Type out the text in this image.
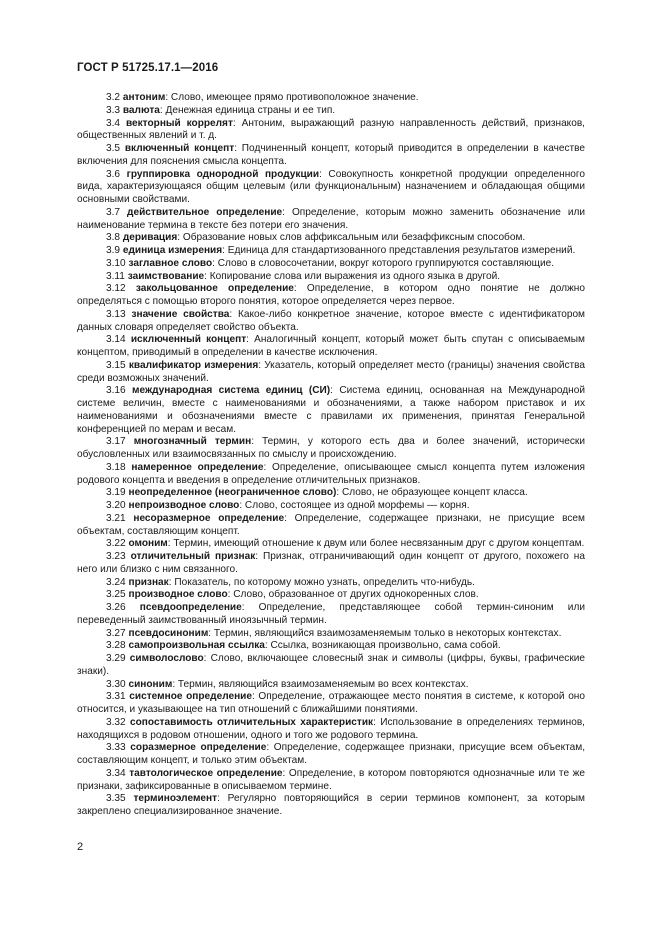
ГОСТ Р 51725.17.1—2016

3.2 антоним: Слово, имеющее прямо противоположное значение.

3.3 валюта: Денежная единица страны и ее тип.

3.4 векторный коррелят: Антоним, выражающий разную направленность действий, признаков, общественных явлений и т. д.

3.5 включенный концепт: Подчиненный концепт, который приводится в определении в качестве включения для пояснения смысла концепта.

3.6 группировка однородной продукции: Совокупность конкретной продукции определенного вида, характеризующаяся общим целевым (или функциональным) назначением и обладающая общими основными свойствами.

3.7 действительное определение: Определение, которым можно заменить обозначение или наименование термина в тексте без потери его значения.

3.8 деривация: Образование новых слов аффиксальным или безаффиксным способом.

3.9 единица измерения: Единица для стандартизованного представления результатов измерений.

3.10 заглавное слово: Слово в словосочетании, вокруг которого группируются составляющие.

3.11 заимствование: Копирование слова или выражения из одного языка в другой.

3.12 закольцованное определение: Определение, в котором одно понятие не должно определяться с помощью второго понятия, которое определяется через первое.

3.13 значение свойства: Какое-либо конкретное значение, которое вместе с идентификатором данных словаря определяет свойство объекта.

3.14 исключенный концепт: Аналогичный концепт, который может быть спутан с описываемым концептом, приводимый в определении в качестве исключения.

3.15 квалификатор измерения: Указатель, который определяет место (границы) значения свойства среди возможных значений.

3.16 международная система единиц (СИ): Система единиц, основанная на Международной системе величин, вместе с наименованиями и обозначениями, а также набором приставок и их наименованиями и обозначениями вместе с правилами их применения, принятая Генеральной конференцией по мерам и весам.

3.17 многозначный термин: Термин, у которого есть два и более значений, исторически обусловленных или взаимосвязанных по смыслу и происхождению.

3.18 намеренное определение: Определение, описывающее смысл концепта путем изложения родового концепта и введения в определение отличительных признаков.

3.19 неопределенное (неограниченное слово): Слово, не образующее концепт класса.

3.20 непроизводное слово: Слово, состоящее из одной морфемы — корня.

3.21 несоразмерное определение: Определение, содержащее признаки, не присущие всем объектам, составляющим концепт.

3.22 омоним: Термин, имеющий отношение к двум или более несвязанным друг с другом концептам.

3.23 отличительный признак: Признак, отграничивающий один концепт от другого, похожего на него или близко с ним связанного.

3.24 признак: Показатель, по которому можно узнать, определить что-нибудь.

3.25 производное слово: Слово, образованное от других однокоренных слов.

3.26 псевдоопределение: Определение, представляющее собой термин-синоним или переведенный заимствованный иноязычный термин.

3.27 псевдосиноним: Термин, являющийся взаимозаменяемым только в некоторых контекстах.

3.28 самопроизвольная ссылка: Ссылка, возникающая произвольно, сама собой.

3.29 символослово: Слово, включающее словесный знак и символы (цифры, буквы, графические знаки).

3.30 синоним: Термин, являющийся взаимозаменяемым во всех контекстах.

3.31 системное определение: Определение, отражающее место понятия в системе, к которой оно относится, и указывающее на тип отношений с ближайшими понятиями.

3.32 сопоставимость отличительных характеристик: Использование в определениях терминов, находящихся в родовом отношении, одного и того же родового термина.

3.33 соразмерное определение: Определение, содержащее признаки, присущие всем объектам, составляющим концепт, и только этим объектам.

3.34 тавтологическое определение: Определение, в котором повторяются однозначные или те же признаки, зафиксированные в описываемом термине.

3.35 терминоэлемент: Регулярно повторяющийся в серии терминов компонент, за которым закреплено специализированное значение.

2
